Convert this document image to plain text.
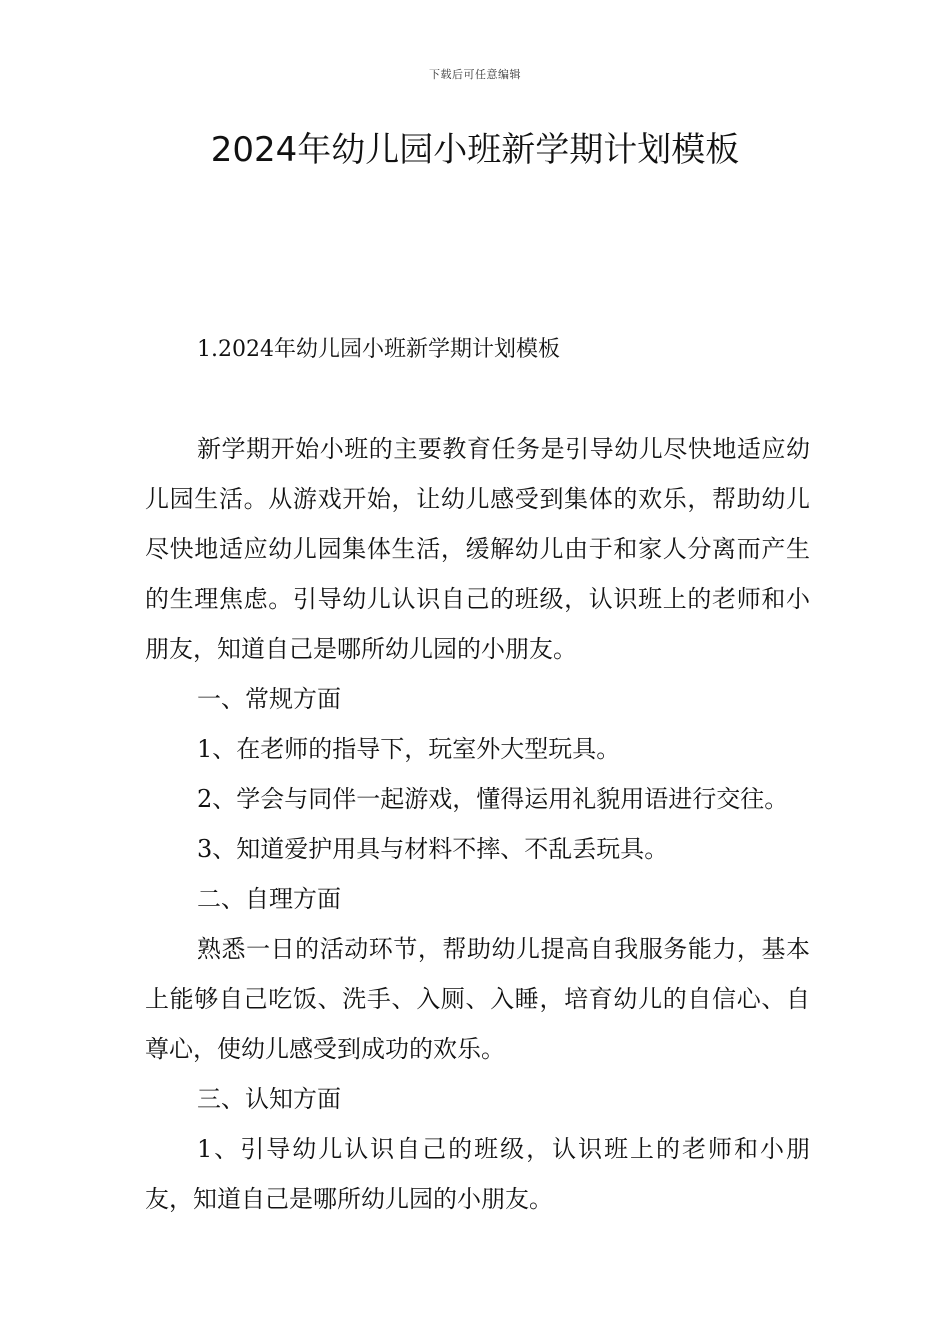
下载后可任意编辑
2024年幼儿园小班新学期计划模板

1.2024年幼儿园小班新学期计划模板

新学期开始小班的主要教育任务是引导幼儿尽快地适应幼儿园生活。从游戏开始，让幼儿感受到集体的欢乐，帮助幼儿尽快地适应幼儿园集体生活，缓解幼儿由于和家人分离而产生的生理焦虑。引导幼儿认识自己的班级，认识班上的老师和小朋友，知道自己是哪所幼儿园的小朋友。

一、常规方面

1、在老师的指导下，玩室外大型玩具。

2、学会与同伴一起游戏，懂得运用礼貌用语进行交往。

3、知道爱护用具与材料不摔、不乱丢玩具。

二、自理方面

熟悉一日的活动环节，帮助幼儿提高自我服务能力，基本上能够自己吃饭、洗手、入厕、入睡，培育幼儿的自信心、自尊心，使幼儿感受到成功的欢乐。

三、认知方面

1、引导幼儿认识自己的班级，认识班上的老师和小朋友，知道自己是哪所幼儿园的小朋友。
